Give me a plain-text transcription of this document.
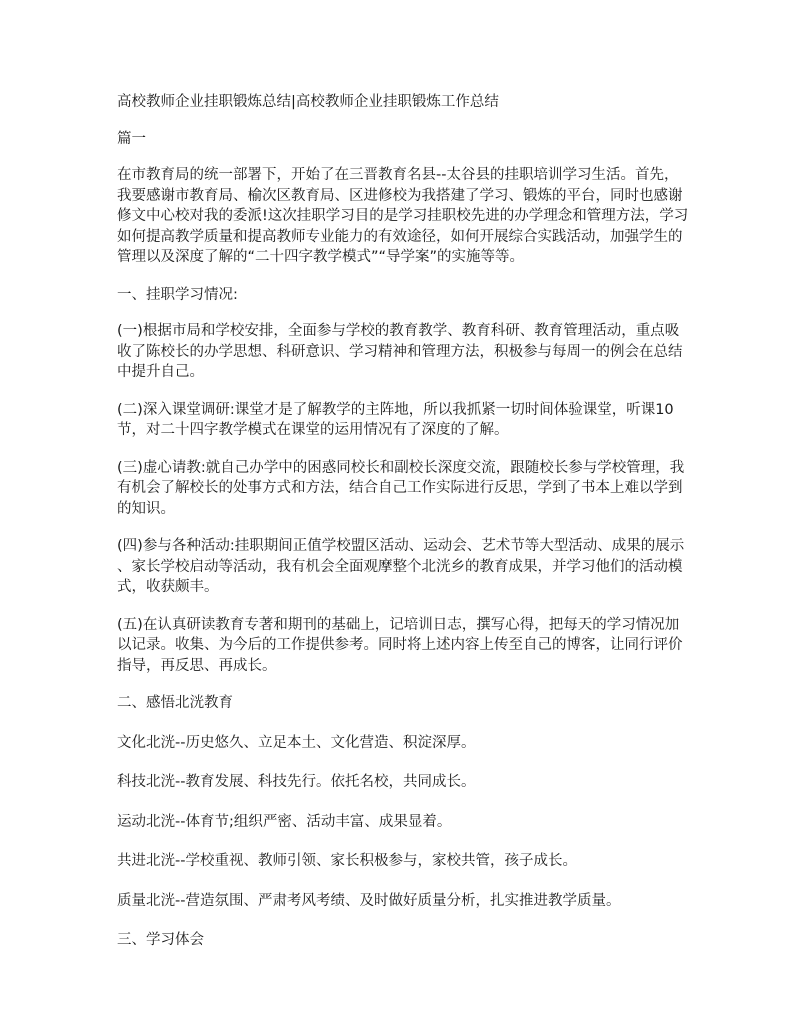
高校教师企业挂职锻炼总结|高校教师企业挂职锻炼工作总结
篇一
在市教育局的统一部署下，开始了在三晋教育名县--太谷县的挂职培训学习生活。首先，
我要感谢市教育局、榆次区教育局、区进修校为我搭建了学习、锻炼的平台，同时也感谢
修文中心校对我的委派!这次挂职学习目的是学习挂职校先进的办学理念和管理方法，学习
如何提高教学质量和提高教师专业能力的有效途径，如何开展综合实践活动，加强学生的
管理以及深度了解的“二十四字教学模式”“导学案”的实施等等。
一、挂职学习情况:
(一)根据市局和学校安排，全面参与学校的教育教学、教育科研、教育管理活动，重点吸
收了陈校长的办学思想、科研意识、学习精神和管理方法，积极参与每周一的例会在总结
中提升自己。
(二)深入课堂调研:课堂才是了解教学的主阵地，所以我抓紧一切时间体验课堂，听课10
节，对二十四字教学模式在课堂的运用情况有了深度的了解。
(三)虚心请教:就自己办学中的困惑同校长和副校长深度交流，跟随校长参与学校管理，我
有机会了解校长的处事方式和方法，结合自己工作实际进行反思，学到了书本上难以学到
的知识。
(四)参与各种活动:挂职期间正值学校盟区活动、运动会、艺术节等大型活动、成果的展示
、家长学校启动等活动，我有机会全面观摩整个北洸乡的教育成果，并学习他们的活动模
式，收获颇丰。
(五)在认真研读教育专著和期刊的基础上，记培训日志，撰写心得，把每天的学习情况加
以记录。收集、为今后的工作提供参考。同时将上述内容上传至自己的博客，让同行评价
指导，再反思、再成长。
二、感悟北洸教育
文化北洸--历史悠久、立足本土、文化营造、积淀深厚。
科技北洸--教育发展、科技先行。依托名校，共同成长。
运动北洸--体育节;组织严密、活动丰富、成果显着。
共进北洸--学校重视、教师引领、家长积极参与，家校共管，孩子成长。
质量北洸--营造氛围、严肃考风考绩、及时做好质量分析，扎实推进教学质量。
三、学习体会
